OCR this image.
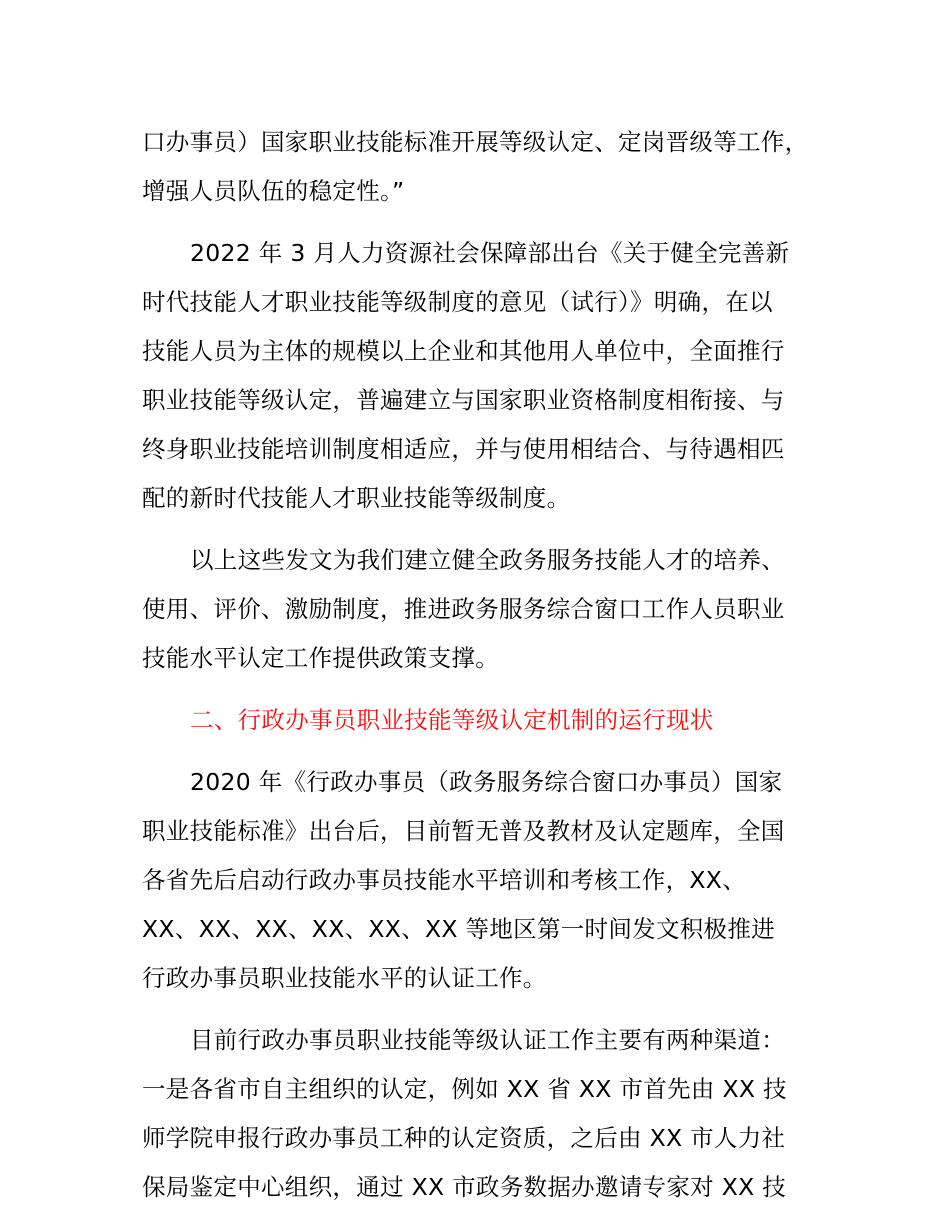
口办事员）国家职业技能标准开展等级认定、定岗晋级等工作，
增强人员队伍的稳定性。”
2022 年 3 月人力资源社会保障部出台《关于健全完善新
时代技能人才职业技能等级制度的意见（试行）》明确，在以
技能人员为主体的规模以上企业和其他用人单位中，全面推行
职业技能等级认定，普遍建立与国家职业资格制度相衔接、与
终身职业技能培训制度相适应，并与使用相结合、与待遇相匹
配的新时代技能人才职业技能等级制度。
以上这些发文为我们建立健全政务服务技能人才的培养、
使用、评价、激励制度，推进政务服务综合窗口工作人员职业
技能水平认定工作提供政策支撑。
二、行政办事员职业技能等级认定机制的运行现状
2020 年《行政办事员（政务服务综合窗口办事员）国家
职业技能标准》出台后，目前暂无普及教材及认定题库，全国
各省先后启动行政办事员技能水平培训和考核工作，XX、
XX、XX、XX、XX、XX、XX 等地区第一时间发文积极推进
行政办事员职业技能水平的认证工作。
目前行政办事员职业技能等级认证工作主要有两种渠道：
一是各省市自主组织的认定，例如 XX 省 XX 市首先由 XX 技
师学院申报行政办事员工种的认定资质，之后由 XX 市人力社
保局鉴定中心组织，通过 XX 市政务数据办邀请专家对 XX 技
